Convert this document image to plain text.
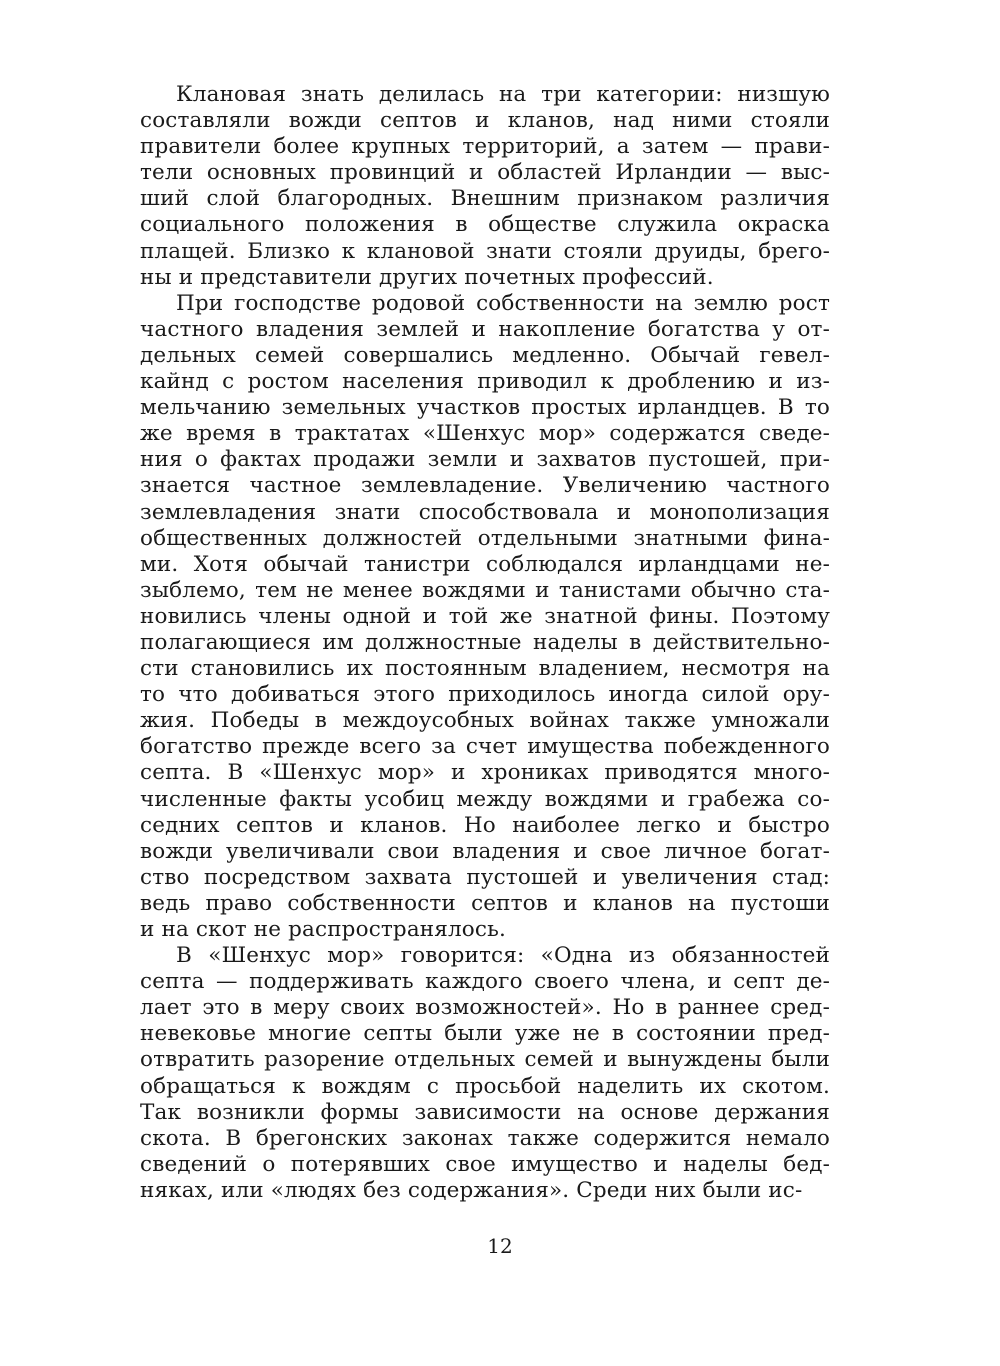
Клановая знать делилась на три категории: низшую
составляли вожди септов и кланов, над ними стояли
правители более крупных территорий, а затем — прави-
тели основных провинций и областей Ирландии — выс-
ший слой благородных. Внешним признаком различия
социального положения в обществе служила окраска
плащей. Близко к клановой знати стояли друиды, брего-
ны и представители других почетных профессий.
При господстве родовой собственности на землю рост
частного владения землей и накопление богатства у от-
дельных семей совершались медленно. Обычай гевел-
кайнд с ростом населения приводил к дроблению и из-
мельчанию земельных участков простых ирландцев. В то
же время в трактатах «Шенхус мор» содержатся сведе-
ния о фактах продажи земли и захватов пустошей, при-
знается частное землевладение. Увеличению частного
землевладения знати способствовала и монополизация
общественных должностей отдельными знатными фина-
ми. Хотя обычай танистри соблюдался ирландцами не-
зыблемо, тем не менее вождями и танистами обычно ста-
новились члены одной и той же знатной фины. Поэтому
полагающиеся им должностные наделы в действительно-
сти становились их постоянным владением, несмотря на
то что добиваться этого приходилось иногда силой ору-
жия. Победы в междоусобных войнах также умножали
богатство прежде всего за счет имущества побежденного
септа. В «Шенхус мор» и хрониках приводятся много-
численные факты усобиц между вождями и грабежа со-
седних септов и кланов. Но наиболее легко и быстро
вожди увеличивали свои владения и свое личное богат-
ство посредством захвата пустошей и увеличения стад:
ведь право собственности септов и кланов на пустоши
и на скот не распространялось.
В «Шенхус мор» говорится: «Одна из обязанностей
септа — поддерживать каждого своего члена, и септ де-
лает это в меру своих возможностей». Но в раннее сред-
невековье многие септы были уже не в состоянии пред-
отвратить разорение отдельных семей и вынуждены были
обращаться к вождям с просьбой наделить их скотом.
Так возникли формы зависимости на основе держания
скота. В брегонских законах также содержится немало
сведений о потерявших свое имущество и наделы бед-
няках, или «людях без содержания». Среди них были ис-
12
